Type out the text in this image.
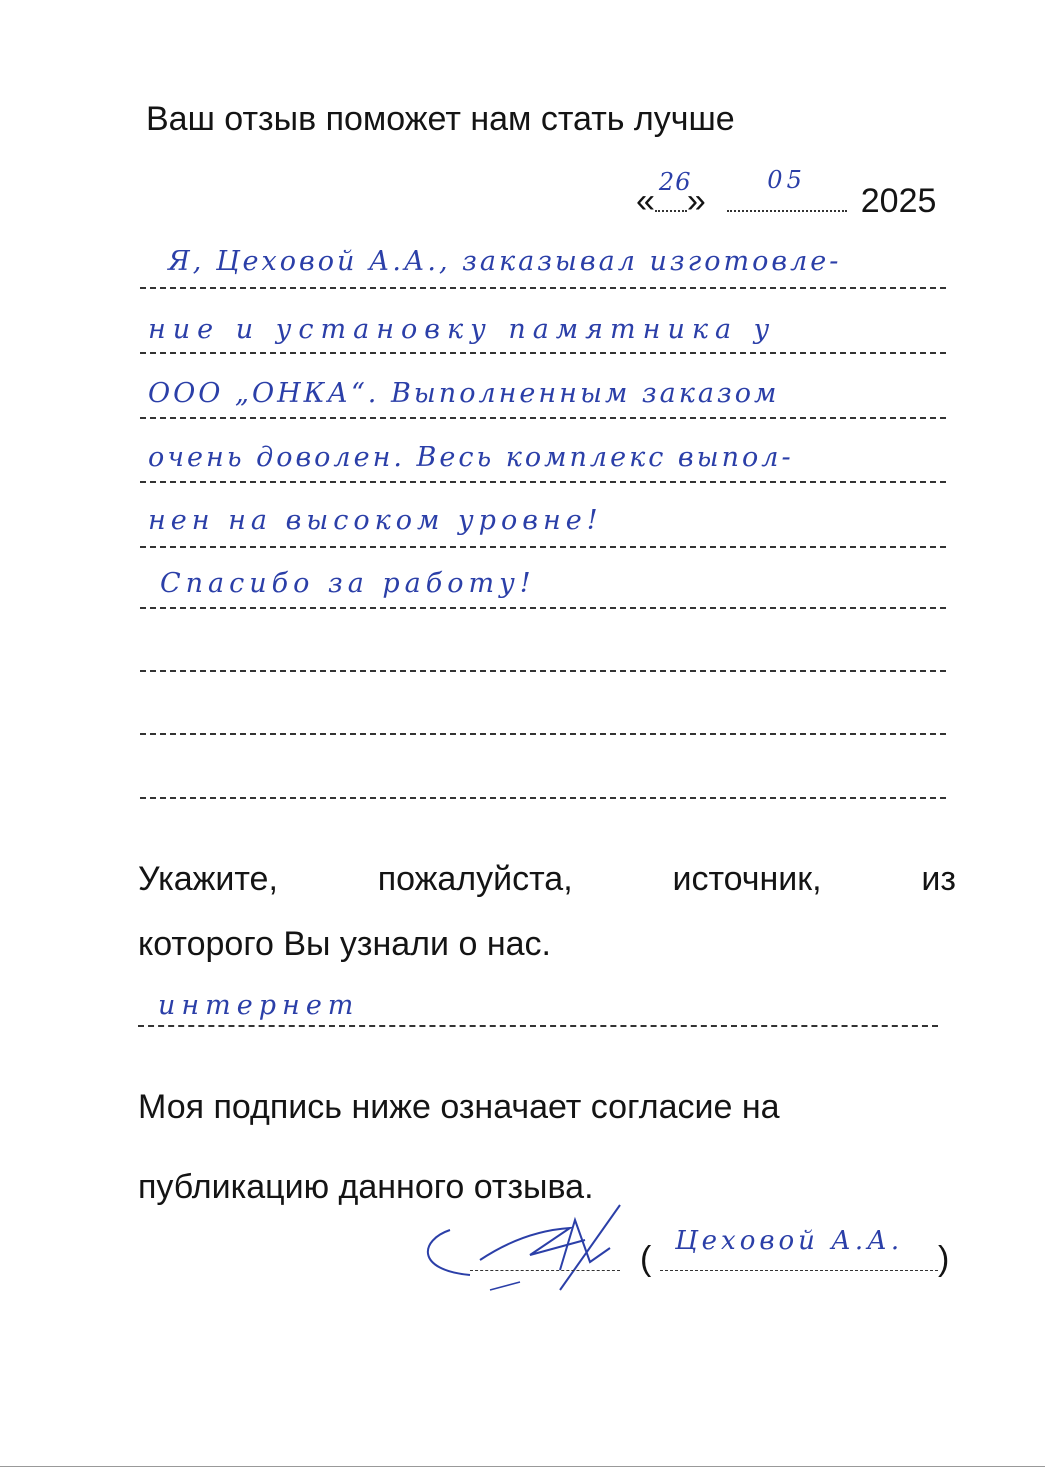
Ваш отзыв поможет нам стать лучше
« 26
»
05
2025
Я, Цеховой А.А., заказывал изготовле-
ние и установку памятника у
ООО „ОНКА“. Выполненным заказом
очень доволен. Весь комплекс выпол-
нен на высоком уровне!
Спасибо за работу!
Укажите,	пожалуйста,	источник,	из
которого Вы узнали о нас.
интернет
Моя подпись ниже означает согласие на
публикацию данного отзыва.
( Цеховой А.А. )
